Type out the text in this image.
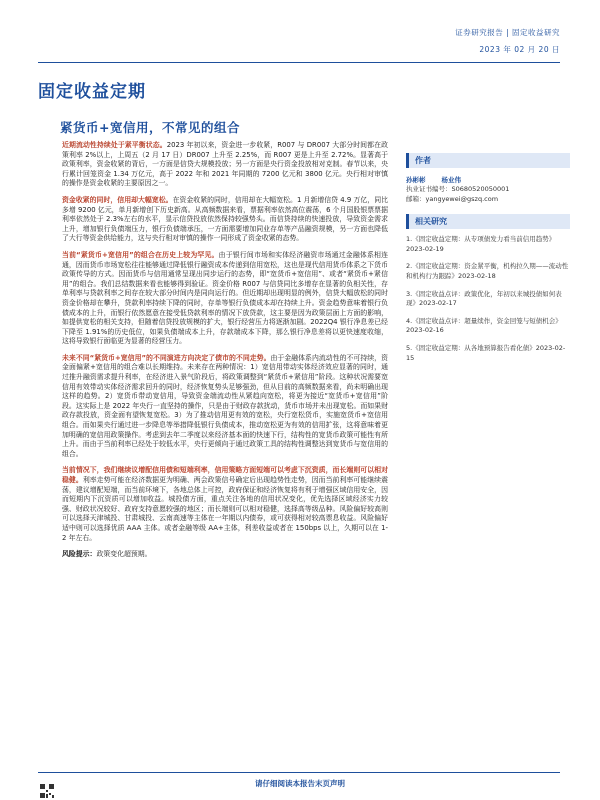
证券研究报告 | 固定收益研究
2023 年 02 月 20 日
固定收益定期
紧货币+宽信用，不常见的组合

近期流动性持续处于紧平衡状态。2023 年初以来，资金进一步收紧，R007 与 DR007 大部分时间都在政策利率 2%以上，上周五（2 月 17 日）DR007 上升至 2.25%，而 R007 更是上升至 2.72%。显著高于政策利率，资金收紧的背后，一方面是信贷大规模投放；另一方面是央行资金投放相对克制。春节以来，央行累计回笼资金 1.34 万亿元，高于 2022 年和 2021 年同期的 7200 亿元和 3800 亿元。央行相对审慎的操作是资金收紧的主要原因之一。

资金收紧的同时，信用却大幅宽松。在资金收紧的同时，信用却在大幅宽松。1 月新增信贷 4.9 万亿，同比多增 9200 亿元，单月新增创下历史新高。从高频数据来看，票据利率依然高位震荡，6 个月国股银票票据利率依然处于 2.3%左右的水平，显示信贷投放依然保持较强势头。而信贷持续的快速投放，导致资金需求上升，增加银行负债端压力，银行负债端承压，一方面需要增加同业存单等产品融资规模，另一方面也降低了大行等资金供给能力，这与央行相对审慎的操作一同形成了资金收紧的态势。

当前“紧货币+宽信用”的组合在历史上较为罕见。由于银行间市场和实体经济融资市场通过金融体系相连通，因而货币市场宽松往往能够通过降低银行融资成本传递到信用宽松，这也是现代信用货币体系之下货币政策传导的方式。因而货币与信用通常呈现出同步运行的态势，即“宽货币+宽信用”、或者“紧货币+紧信用”的组合。我们总结数据来看也能够得到验证。资金价格 R007 与信贷同比多增存在显著的负相关性，存单利率与贷款利率之间存在较大部分时间内是同向运行的。但近期却出现明显的例外，信贷大幅放松的同时资金价格却在攀升，贷款利率持续下降的同时，存单等银行负债成本却在持续上升。资金趋势意味着银行负债成本的上升，而银行依然愿意在接受低贷款利率的情况下放贷款，这主要是因为政策层面上方面的影响，如提供宽松的相关支持，但随着信贷投放规模的扩大，银行经营压力将逐渐加剧。2022Q4 银行净息差已经下降至 1.91%的历史低位，如果负债端成本上升，存款端成本下降，那么银行净息差将以更快速度收缩，这将导致银行面临更为显著的经营压力。

未来不同“紧货币+宽信用”的不同演进方向决定了债市的不同走势。由于金融体系内流动性的不可持续，资金面偏紧+宽信用的组合难以长期维持。未来存在两种情况：1）宽信用带动实体经济效应显著的同时，通过推升融资需求提升利率，在经济进入景气阶段后，将政策调整到“紧货币+紧信用”阶段。这种状况需要宽信用有效带动实体经济需求回升的同时，经济恢复势头足够强劲，但从目前的高频数据来看，尚未明确出现这样的趋势。2）宽货币带动宽信用，导致资金端流动性从紧趋向宽松，将更为接近“宽货币+宽信用”阶段。这实际上是 2022 年央行一直坚持的操作，只是由于财政存款扰动，货币市场并未出现宽松。而如果财政存款投放，资金面有望恢复宽松。3）为了推动信用更有效的宽松，央行宽松货币，实施宽货币+宽信用组合。而如果央行通过进一步降息等举措降低银行负债成本，推动宽松更为有效的信用扩张，这将意味着更加明确的宽信用政策操作。考虑到去年二季度以来经济基本面的快速下行，结构性的宽货币政策可能性有所上升。而由于当前利率已经处于较低水平，央行更倾向于通过政策工具的结构性调整达到宽货币与宽信用的组合。

当前情况下，我们继续议增配信用债和短端利率，信用策略方面短端可以考虑下沉资质，而长端则可以相对稳健。利率走势可能在经济数据更为明确、两会政策信号确定后出现趋势性走势，因而当前利率可能继续震荡，建议增配短端，而当前环境下，各地总体上可控，政府保证和经济恢复将有利于增强区域信用安全，因而短期内下沉资质可以增加收益。城投债方面，重点关注各地的信用状况变化，优先选择区域经济实力较强、财政状况较好、政府支持意愿较强的地区；而长端则可以相对稳健，选择高等级品种。风险偏好较高则可以选择天津城投、甘肃城投、云南高速等主体在一年期以内债券，或可获得相对较高票息收益。风险偏好适中则可以选择优质 AAA 主体。或者金融等级 AA+主体，利差收益或者在 150bps 以上，久期可以在 1-2 年左右。

风险提示：政策变化超预期。

作者
孙彬彬 杨业伟
执业证书编号：S0680520050001
邮箱：yangyewei@gszq.com
相关研究
1.《固定收益定期：从专项债发力看当前信用趋势》2023-02-19
2.《固定收益定期：资金紧平衡，机构拉久期——流动性和机构行为跟踪》2023-02-18
3.《固定收益点评：政策优化，年初以来城投债如何表现》2023-02-17
4.《固定收益点评：超量续作，资金回笼与短债机会》2023-02-16
5.《固定收益定期：从各地预算报告看化债》2023-02-15
请仔细阅读本报告末页声明
